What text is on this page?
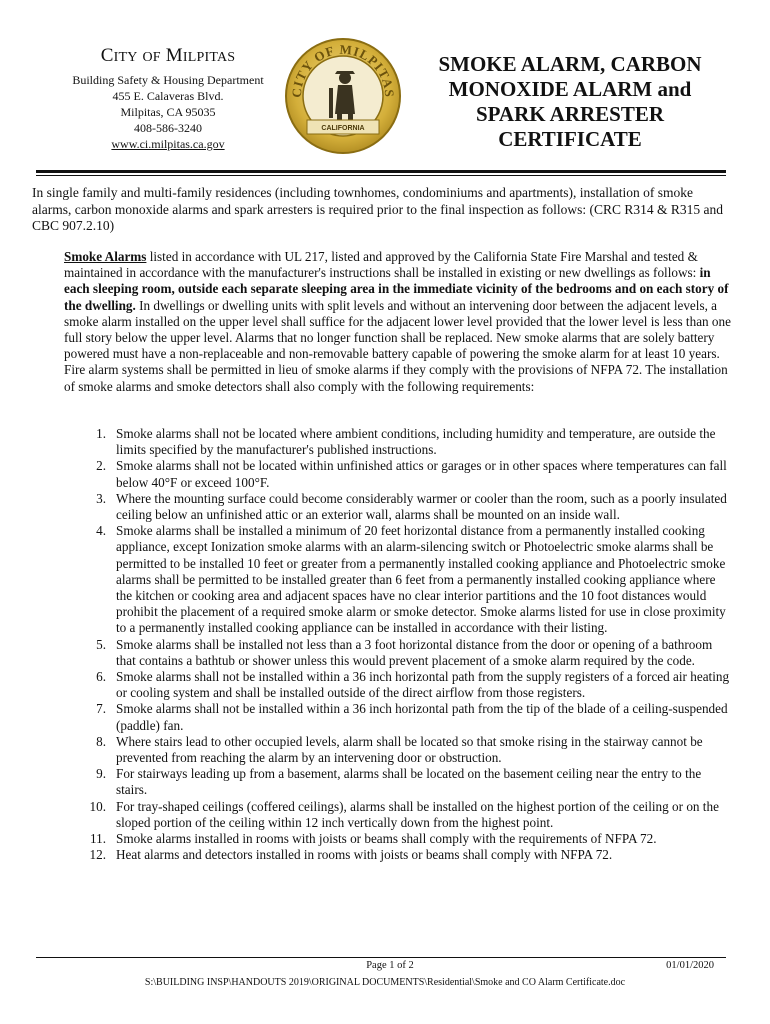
CITY OF MILPITAS
Building Safety & Housing Department
455 E. Calaveras Blvd.
Milpitas, CA 95035
408-586-3240
www.ci.milpitas.ca.gov
CITY OF MILPITAS
CALIFORNIA
SMOKE ALARM, CARBON
MONOXIDE ALARM and
SPARK ARRESTER
CERTIFICATE
In single family and multi-family residences (including townhomes, condominiums and apartments), installation of smoke alarms, carbon monoxide alarms and spark arresters is required prior to the final inspection as follows: (CRC R314 & R315 and CBC 907.2.10)
Smoke Alarms listed in accordance with UL 217, listed and approved by the California State Fire Marshal and tested & maintained in accordance with the manufacturer's instructions shall be installed in existing or new dwellings as follows: in each sleeping room, outside each separate sleeping area in the immediate vicinity of the bedrooms and on each story of the dwelling. In dwellings or dwelling units with split levels and without an intervening door between the adjacent levels, a smoke alarm installed on the upper level shall suffice for the adjacent lower level provided that the lower level is less than one full story below the upper level. Alarms that no longer function shall be replaced. New smoke alarms that are solely battery powered must have a non-replaceable and non-removable battery capable of powering the smoke alarm for at least 10 years. Fire alarm systems shall be permitted in lieu of smoke alarms if they comply with the provisions of NFPA 72. The installation of smoke alarms and smoke detectors shall also comply with the following requirements:
1. Smoke alarms shall not be located where ambient conditions, including humidity and temperature, are outside the limits specified by the manufacturer's published instructions.
2. Smoke alarms shall not be located within unfinished attics or garages or in other spaces where temperatures can fall below 40°F or exceed 100°F.
3. Where the mounting surface could become considerably warmer or cooler than the room, such as a poorly insulated ceiling below an unfinished attic or an exterior wall, alarms shall be mounted on an inside wall.
4. Smoke alarms shall be installed a minimum of 20 feet horizontal distance from a permanently installed cooking appliance, except Ionization smoke alarms with an alarm-silencing switch or Photoelectric smoke alarms shall be permitted to be installed 10 feet or greater from a permanently installed cooking appliance and Photoelectric smoke alarms shall be permitted to be installed greater than 6 feet from a permanently installed cooking appliance where the kitchen or cooking area and adjacent spaces have no clear interior partitions and the 10 foot distances would prohibit the placement of a required smoke alarm or smoke detector. Smoke alarms listed for use in close proximity to a permanently installed cooking appliance can be installed in accordance with their listing.
5. Smoke alarms shall be installed not less than a 3 foot horizontal distance from the door or opening of a bathroom that contains a bathtub or shower unless this would prevent placement of a smoke alarm required by the code.
6. Smoke alarms shall not be installed within a 36 inch horizontal path from the supply registers of a forced air heating or cooling system and shall be installed outside of the direct airflow from those registers.
7. Smoke alarms shall not be installed within a 36 inch horizontal path from the tip of the blade of a ceiling-suspended (paddle) fan.
8. Where stairs lead to other occupied levels, alarm shall be located so that smoke rising in the stairway cannot be prevented from reaching the alarm by an intervening door or obstruction.
9. For stairways leading up from a basement, alarms shall be located on the basement ceiling near the entry to the stairs.
10. For tray-shaped ceilings (coffered ceilings), alarms shall be installed on the highest portion of the ceiling or on the sloped portion of the ceiling within 12 inch vertically down from the highest point.
11. Smoke alarms installed in rooms with joists or beams shall comply with the requirements of NFPA 72.
12. Heat alarms and detectors installed in rooms with joists or beams shall comply with NFPA 72.
Page 1 of 2	01/01/2020
S:\BUILDING INSP\HANDOUTS 2019\ORIGINAL DOCUMENTS\Residential\Smoke and CO Alarm Certificate.doc
